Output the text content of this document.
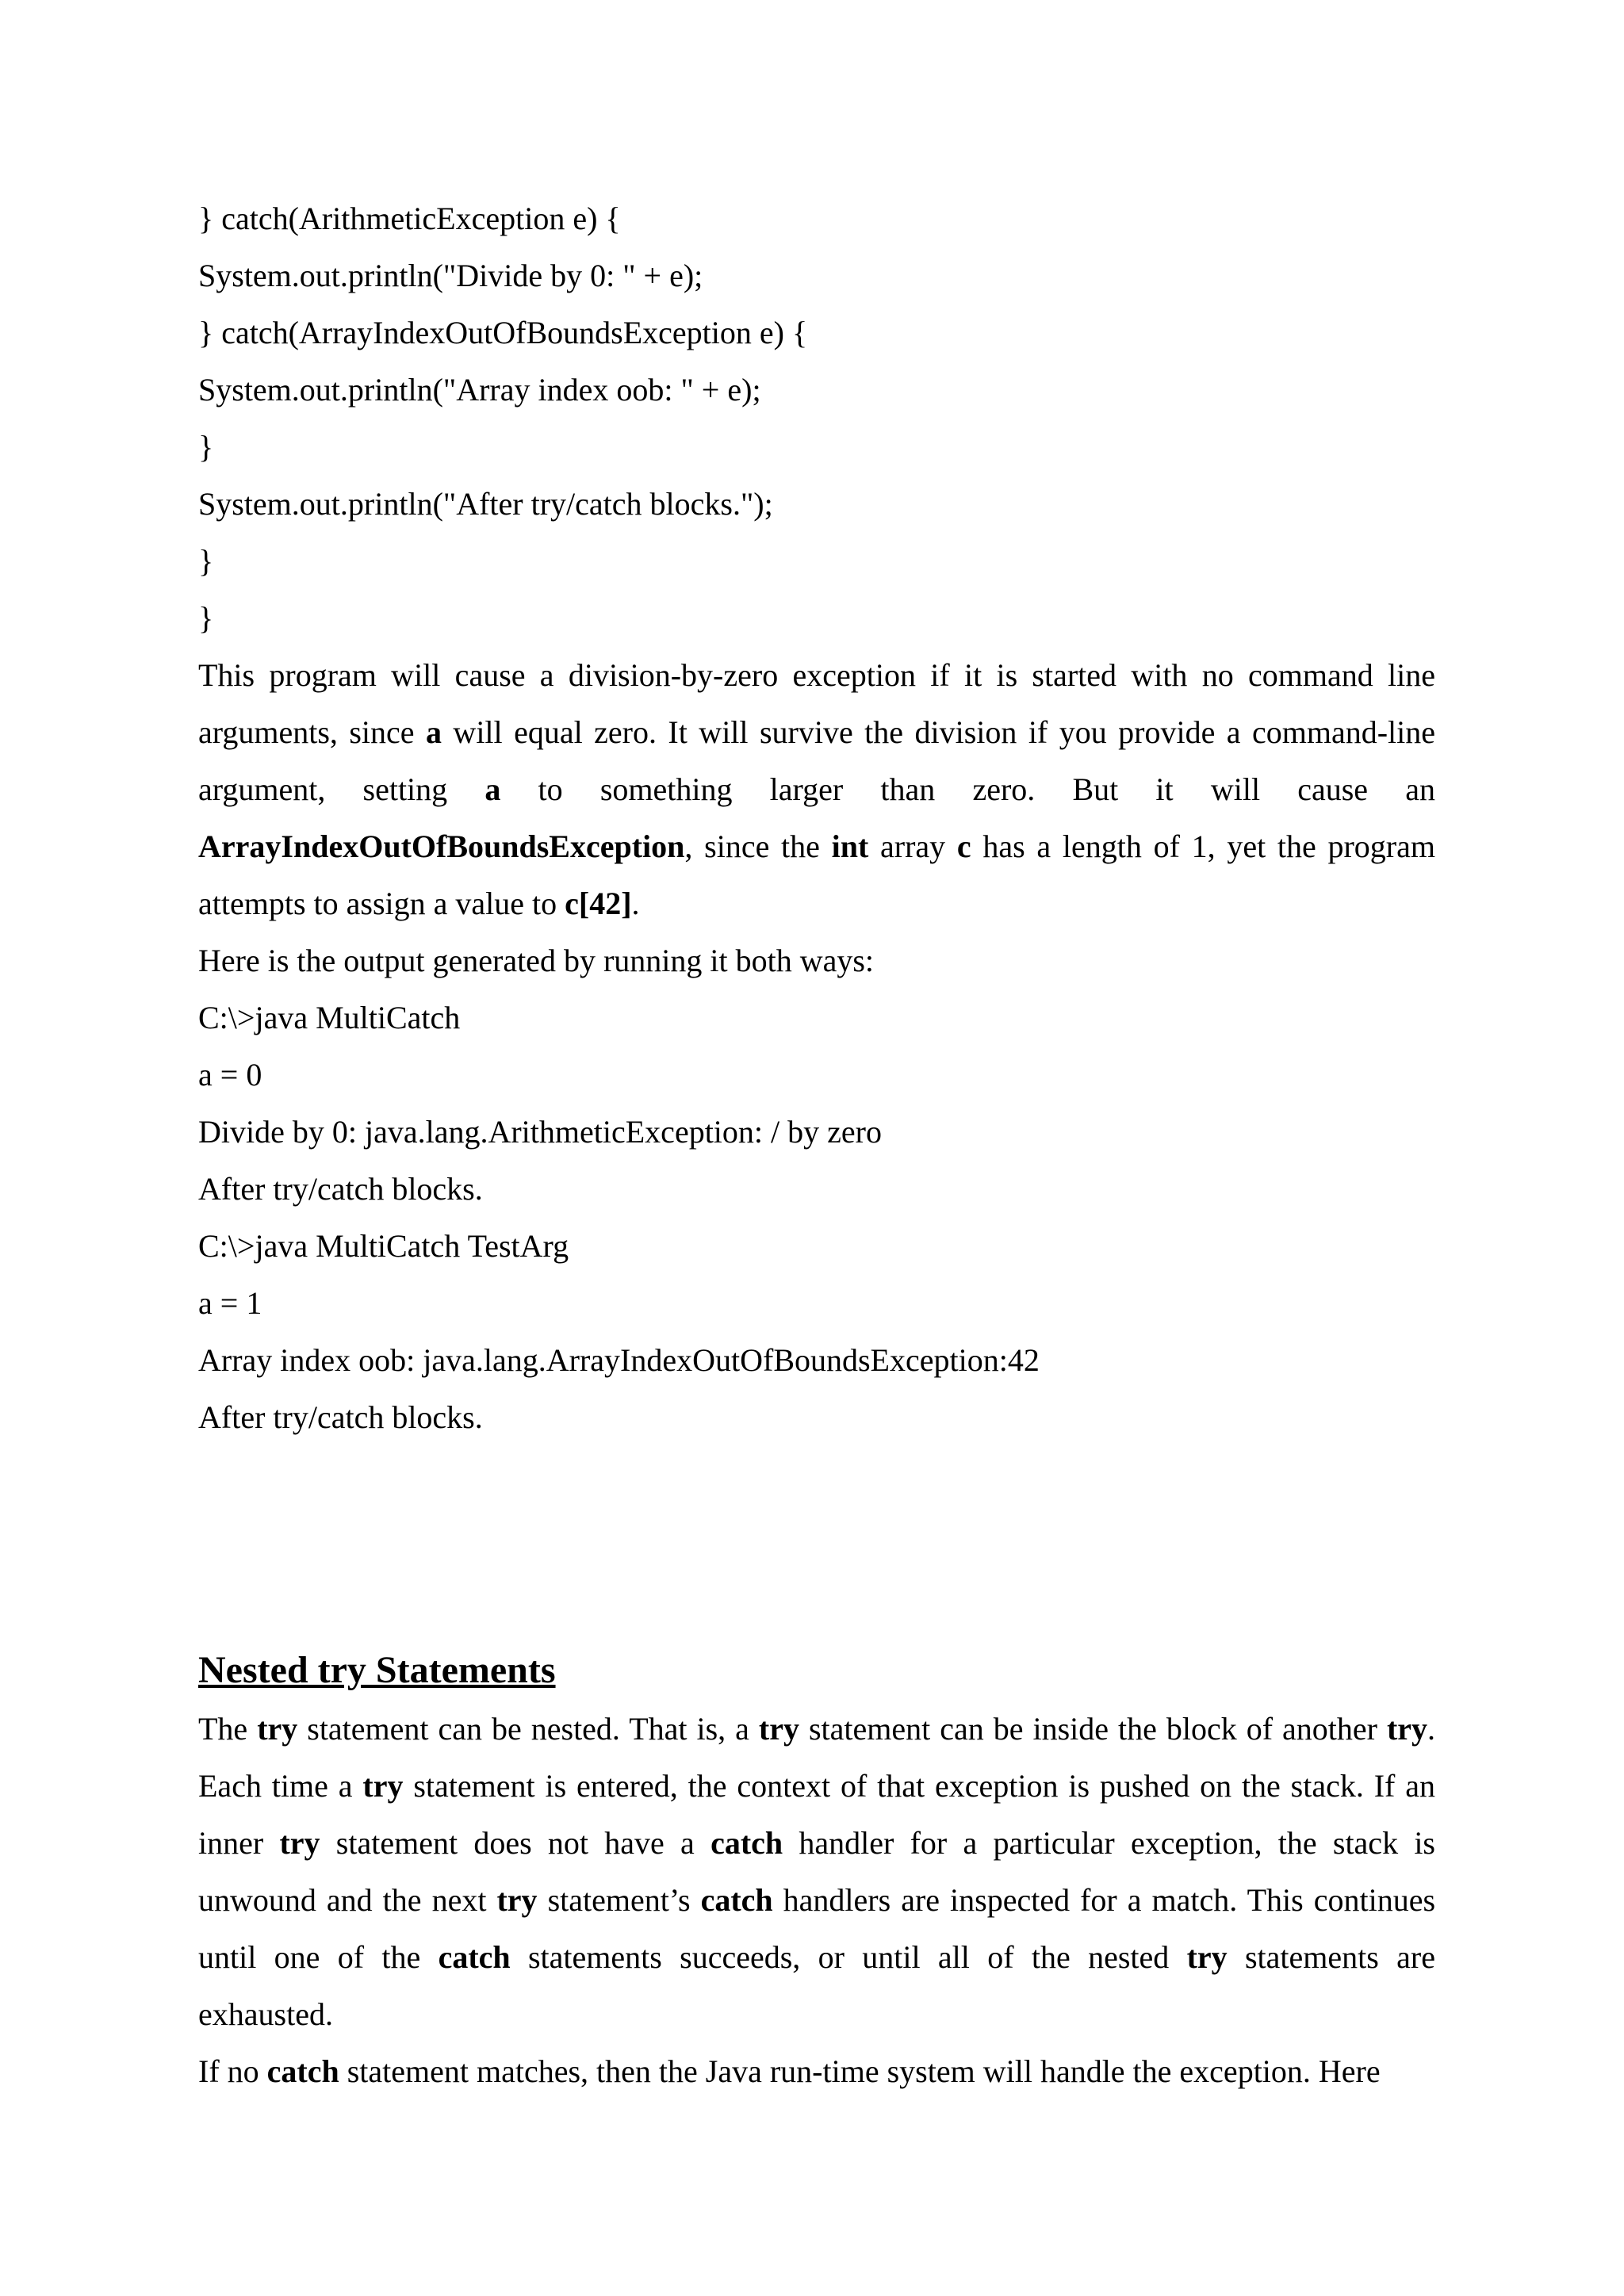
} catch(ArithmeticException e) {
System.out.println("Divide by 0: " + e);
} catch(ArrayIndexOutOfBoundsException e) {
System.out.println("Array index oob: " + e);
}
System.out.println("After try/catch blocks.");
}
}
This program will cause a division-by-zero exception if it is started with no command line
arguments, since a will equal zero. It will survive the division if you provide a command-line
argument, setting a to something larger than zero. But it will cause an
ArrayIndexOutOfBoundsException, since the int array c has a length of 1, yet the program
attempts to assign a value to c[42].
Here is the output generated by running it both ways:
C:\>java MultiCatch
a = 0
Divide by 0: java.lang.ArithmeticException: / by zero
After try/catch blocks.
C:\>java MultiCatch TestArg
a = 1
Array index oob: java.lang.ArrayIndexOutOfBoundsException:42
After try/catch blocks.
Nested try Statements
The try statement can be nested. That is, a try statement can be inside the block of another try.
Each time a try statement is entered, the context of that exception is pushed on the stack. If an
inner try statement does not have a catch handler for a particular exception, the stack is
unwound and the next try statement’s catch handlers are inspected for a match. This continues
until one of the catch statements succeeds, or until all of the nested try statements are
exhausted.
If no catch statement matches, then the Java run-time system will handle the exception. Here
